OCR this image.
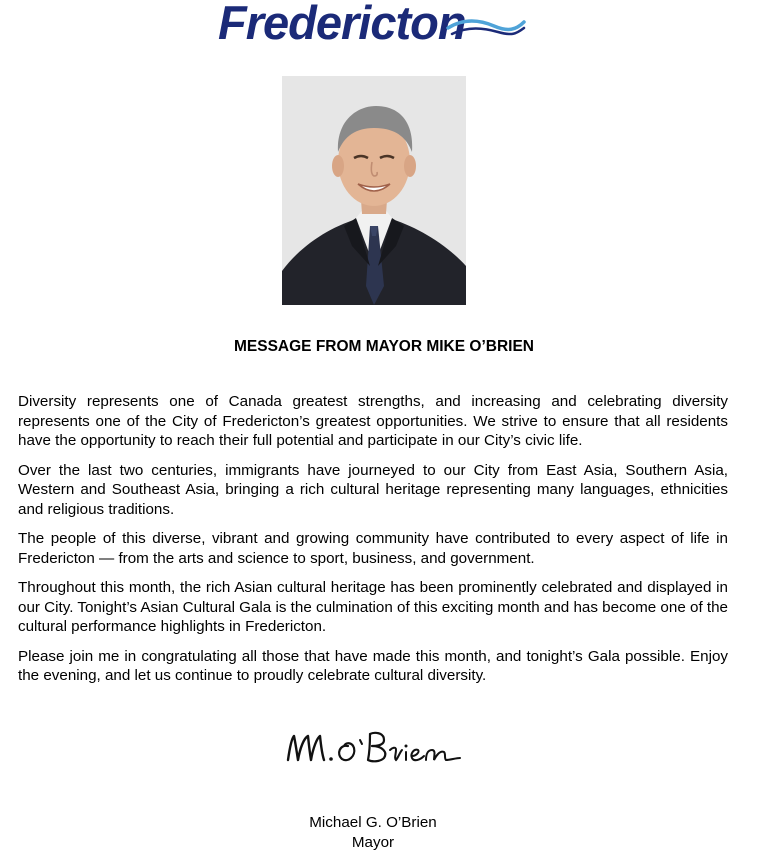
Fredericton
MESSAGE FROM MAYOR MIKE O’BRIEN

Diversity represents one of Canada greatest strengths, and increasing and celebrating diversity represents one of the City of Fredericton’s greatest opportunities. We strive to ensure that all residents have the opportunity to reach their full potential and participate in our City’s civic life.

Over the last two centuries, immigrants have journeyed to our City from East Asia, Southern Asia, Western and Southeast Asia, bringing a rich cultural heritage representing many languages, ethnicities and religious traditions.

The people of this diverse, vibrant and growing community have contributed to every aspect of life in Fredericton — from the arts and science to sport, business, and government.

Throughout this month, the rich Asian cultural heritage has been prominently celebrated and displayed in our City. Tonight’s Asian Cultural Gala is the culmination of this exciting month and has become one of the cultural performance highlights in Fredericton.

Please join me in congratulating all those that have made this month, and tonight’s Gala possible. Enjoy the evening, and let us continue to proudly celebrate cultural diversity.

Michael G. O’Brien
Mayor
